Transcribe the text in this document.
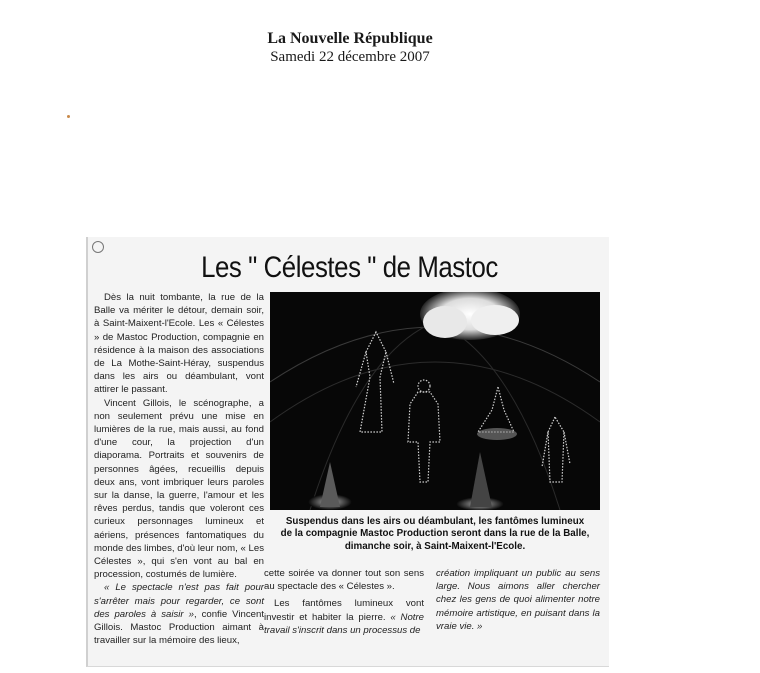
La Nouvelle République
Samedi 22 décembre 2007
Les " Célestes " de Mastoc

Dès la nuit tombante, la rue de la Balle va mériter le détour, demain soir, à Saint-Maixent-l'Ecole. Les « Célestes » de Mastoc Production, compagnie en résidence à la maison des associations de La Mothe-Saint-Héray, suspendus dans les airs ou déambulant, vont attirer le passant.

Vincent Gillois, le scénographe, a non seulement prévu une mise en lumières de la rue, mais aussi, au fond d'une cour, la projection d'un diaporama. Portraits et souvenirs de personnes âgées, recueillis depuis deux ans, vont imbriquer leurs paroles sur la danse, la guerre, l'amour et les rêves perdus, tandis que voleront ces curieux personnages lumineux et aériens, présences fantomatiques du monde des limbes, d'où leur nom, « Les Célestes », qui s'en vont au bal en procession, costumés de lumière.

« Le spectacle n'est pas fait pour s'arrêter mais pour regarder, ce sont des paroles à saisir », confie Vincent Gillois. Mastoc Production aimant à travailler sur la mémoire des lieux,

Suspendus dans les airs ou déambulant, les fantômes lumineux
de la compagnie Mastoc Production seront dans la rue de la Balle,
dimanche soir, à Saint-Maixent-l'Ecole.

cette soirée va donner tout son sens au spectacle des « Célestes ».

Les fantômes lumineux vont investir et habiter la pierre. « Notre travail s'inscrit dans un processus de

création impliquant un public au sens large. Nous aimons aller chercher chez les gens de quoi alimenter notre mémoire artistique, en puisant dans la vraie vie. »
